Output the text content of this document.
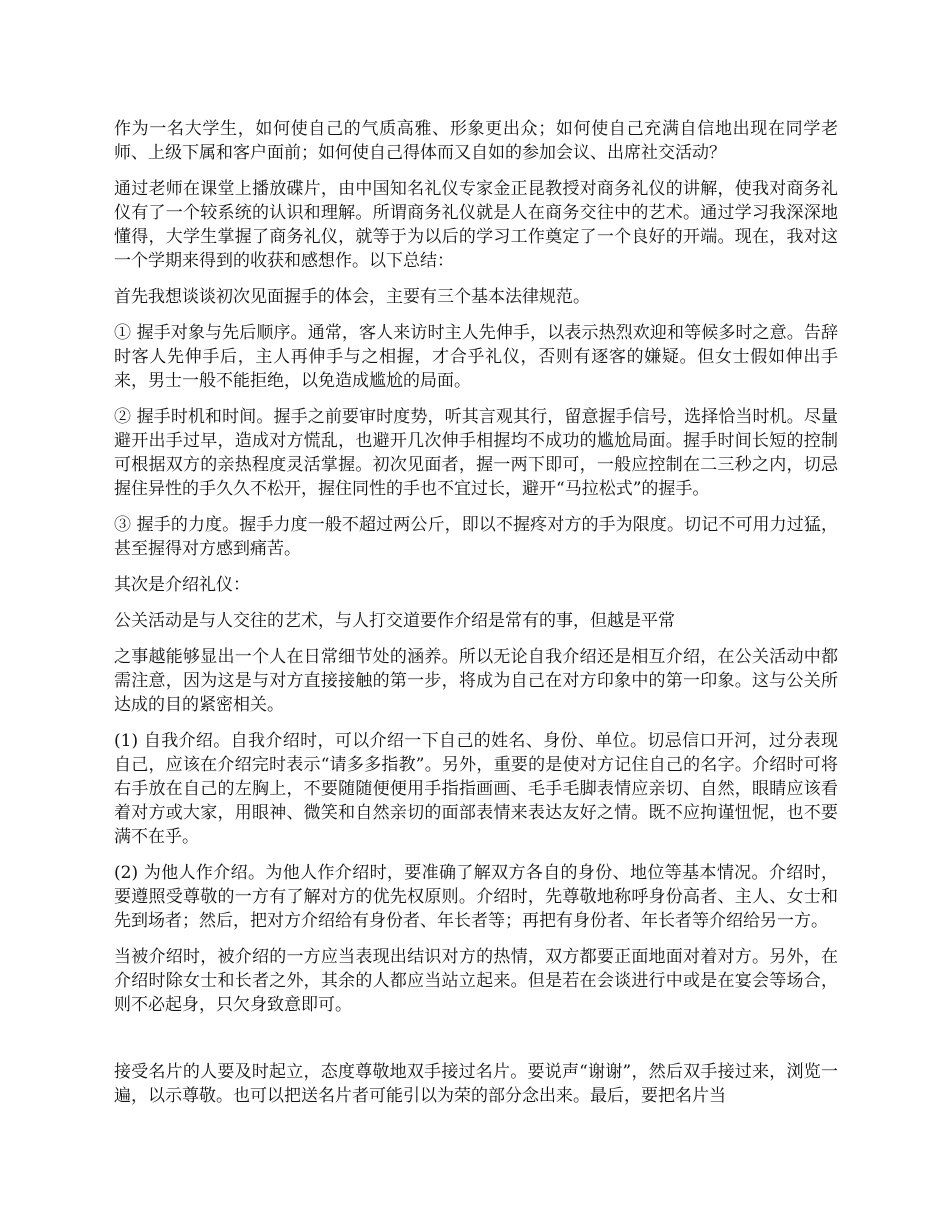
作为一名大学生，如何使自己的气质高雅、形象更出众；如何使自己充满自信地出现在同学老师、上级下属和客户面前；如何使自己得体而又自如的参加会议、出席社交活动？

通过老师在课堂上播放碟片，由中国知名礼仪专家金正昆教授对商务礼仪的讲解，使我对商务礼仪有了一个较系统的认识和理解。所谓商务礼仪就是人在商务交往中的艺术。通过学习我深深地懂得，大学生掌握了商务礼仪，就等于为以后的学习工作奠定了一个良好的开端。现在，我对这一个学期来得到的收获和感想作。以下总结：

首先我想谈谈初次见面握手的体会，主要有三个基本法律规范。

① 握手对象与先后顺序。通常，客人来访时主人先伸手，以表示热烈欢迎和等候多时之意。告辞时客人先伸手后，主人再伸手与之相握，才合乎礼仪，否则有逐客的嫌疑。但女士假如伸出手来，男士一般不能拒绝，以免造成尴尬的局面。

② 握手时机和时间。握手之前要审时度势，听其言观其行，留意握手信号，选择恰当时机。尽量避开出手过早，造成对方慌乱，也避开几次伸手相握均不成功的尴尬局面。握手时间长短的控制可根据双方的亲热程度灵活掌握。初次见面者，握一两下即可，一般应控制在二三秒之内，切忌握住异性的手久久不松开，握住同性的手也不宜过长，避开“马拉松式”的握手。

③ 握手的力度。握手力度一般不超过两公斤，即以不握疼对方的手为限度。切记不可用力过猛，甚至握得对方感到痛苦。

其次是介绍礼仪：

公关活动是与人交往的艺术，与人打交道要作介绍是常有的事，但越是平常

之事越能够显出一个人在日常细节处的涵养。所以无论自我介绍还是相互介绍，在公关活动中都需注意，因为这是与对方直接接触的第一步，将成为自己在对方印象中的第一印象。这与公关所达成的目的紧密相关。

(1) 自我介绍。自我介绍时，可以介绍一下自己的姓名、身份、单位。切忌信口开河，过分表现自己，应该在介绍完时表示“请多多指教”。另外，重要的是使对方记住自己的名字。介绍时可将右手放在自己的左胸上，不要随随便便用手指指画画、毛手毛脚表情应亲切、自然，眼睛应该看着对方或大家，用眼神、微笑和自然亲切的面部表情来表达友好之情。既不应拘谨忸怩，也不要满不在乎。

(2) 为他人作介绍。为他人作介绍时，要准确了解双方各自的身份、地位等基本情况。介绍时，要遵照受尊敬的一方有了解对方的优先权原则。介绍时，先尊敬地称呼身份高者、主人、女士和先到场者；然后，把对方介绍给有身份者、年长者等；再把有身份者、年长者等介绍给另一方。

当被介绍时，被介绍的一方应当表现出结识对方的热情，双方都要正面地面对着对方。另外，在介绍时除女士和长者之外，其余的人都应当站立起来。但是若在会谈进行中或是在宴会等场合，则不必起身，只欠身致意即可。

接受名片的人要及时起立，态度尊敬地双手接过名片。要说声“谢谢”，然后双手接过来，浏览一遍，以示尊敬。也可以把送名片者可能引以为荣的部分念出来。最后，要把名片当
